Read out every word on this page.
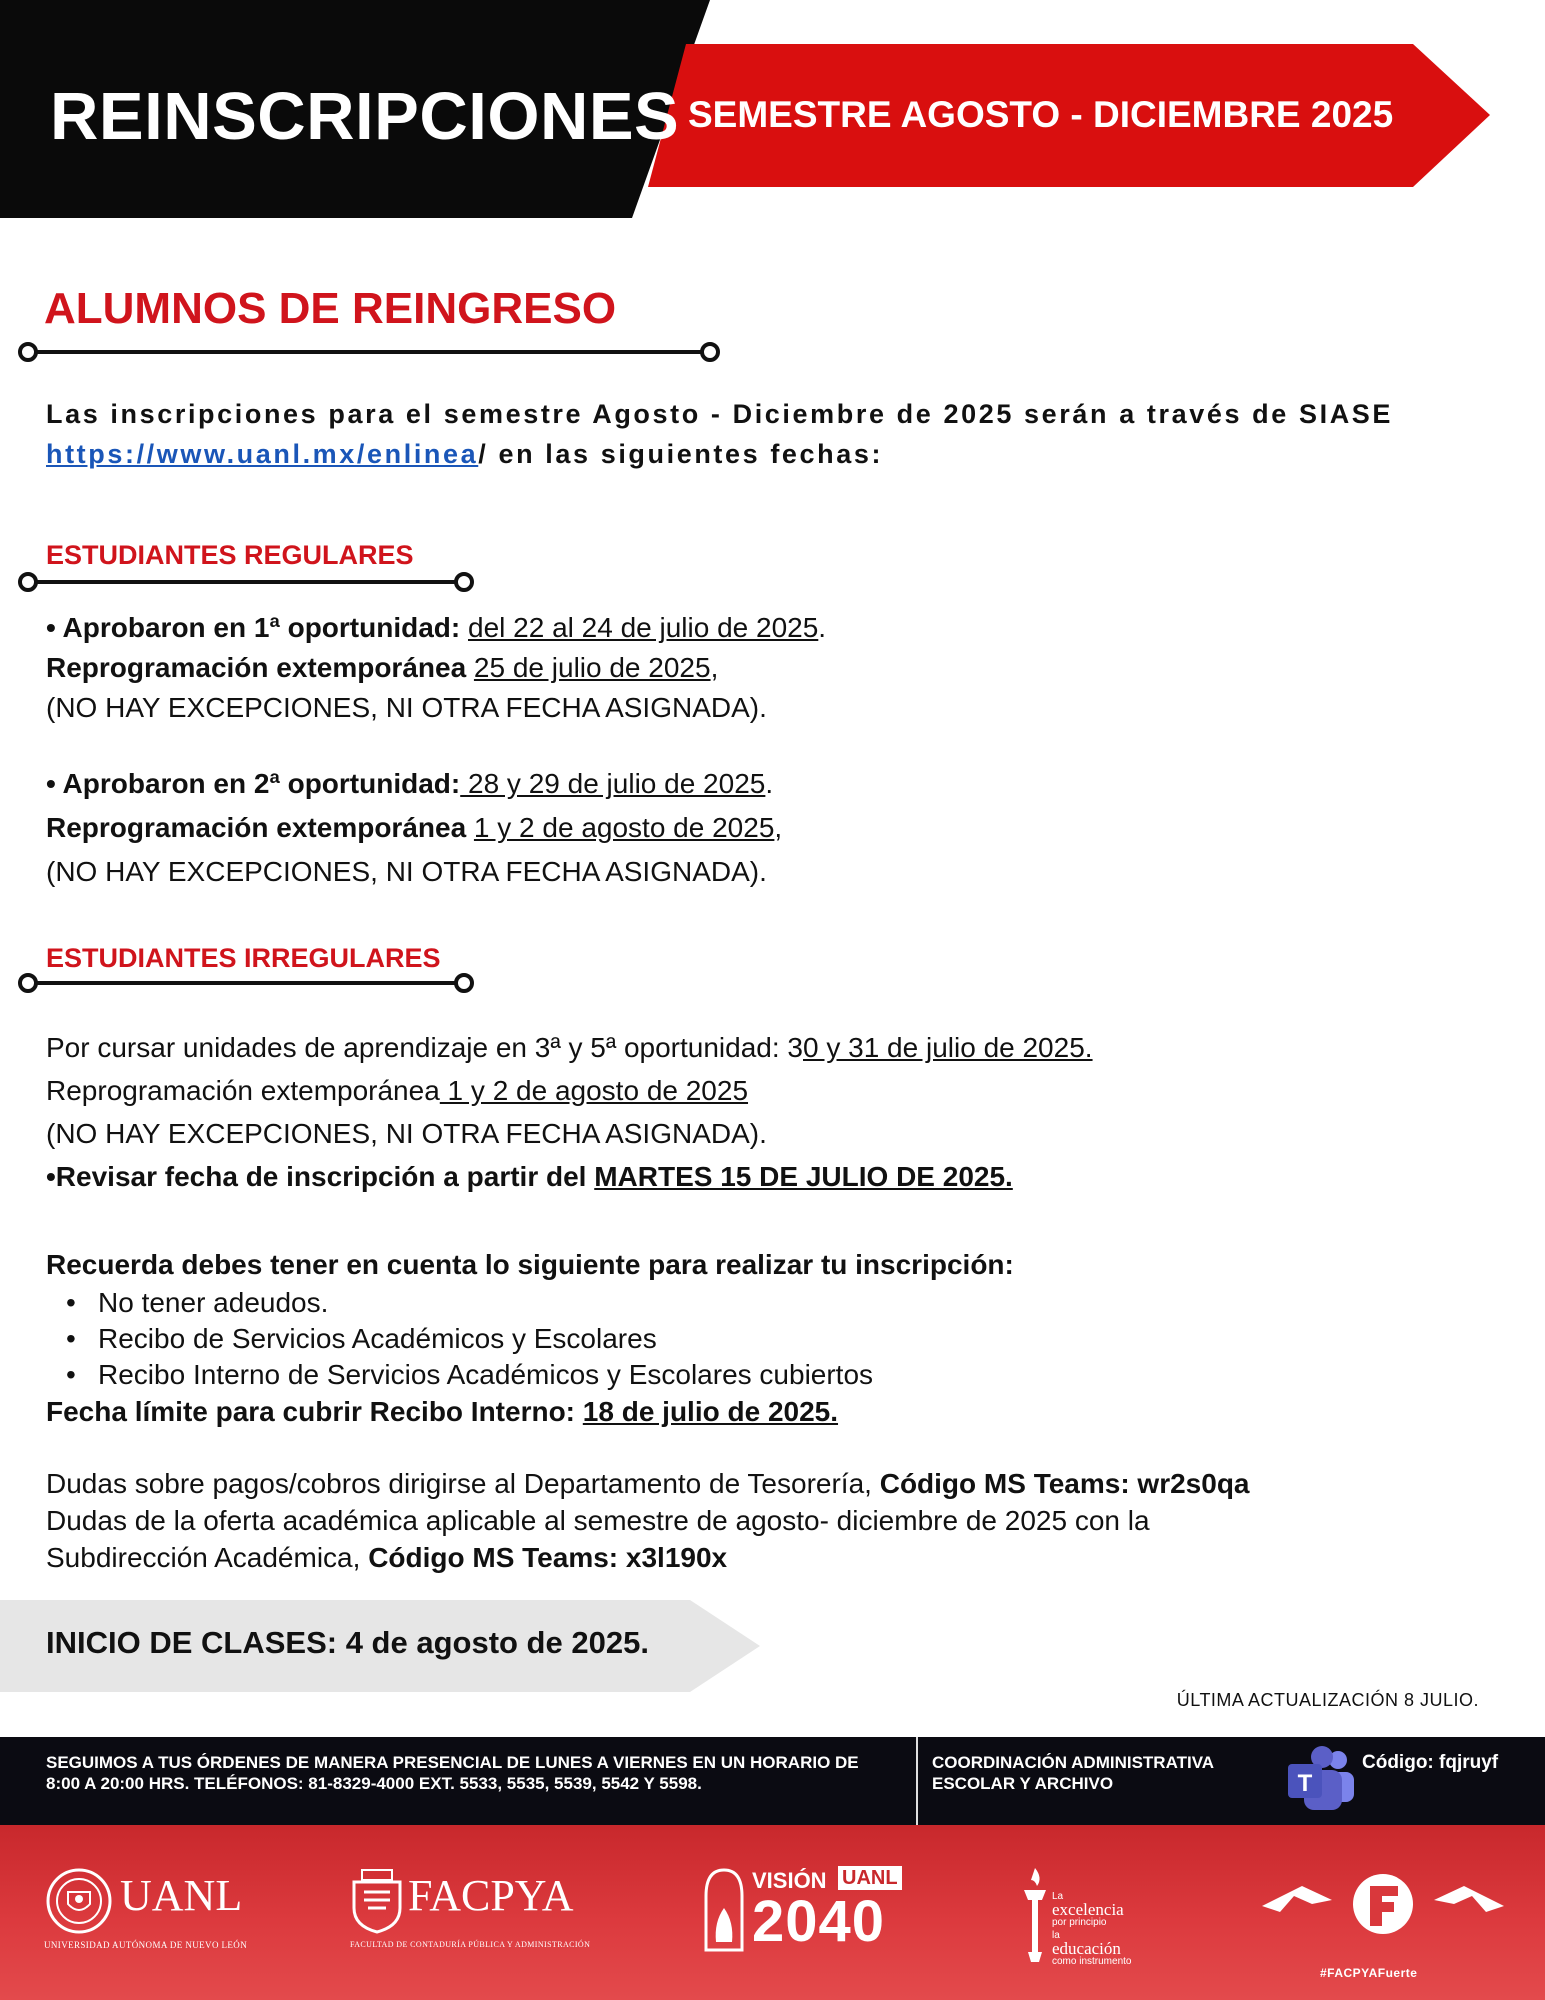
REINSCRIPCIONES SEMESTRE AGOSTO - DICIEMBRE 2025
ALUMNOS DE REINGRESO
Las inscripciones para el semestre Agosto - Diciembre de 2025 serán a través de SIASE https://www.uanl.mx/enlinea/ en las siguientes fechas:
ESTUDIANTES REGULARES
• Aprobaron en 1ª oportunidad: del 22 al 24 de julio de 2025.
Reprogramación extemporánea 25 de julio de 2025,
(NO HAY EXCEPCIONES, NI OTRA FECHA ASIGNADA).
• Aprobaron en 2ª oportunidad: 28 y 29 de julio de 2025.
Reprogramación extemporánea 1 y 2 de agosto de 2025,
(NO HAY EXCEPCIONES, NI OTRA FECHA ASIGNADA).
ESTUDIANTES IRREGULARES
Por cursar unidades de aprendizaje en 3ª y 5ª oportunidad: 30 y 31 de julio de 2025.
Reprogramación extemporánea 1 y 2 de agosto de 2025
(NO HAY EXCEPCIONES, NI OTRA FECHA ASIGNADA).
•Revisar fecha de inscripción a partir del MARTES 15 DE JULIO DE 2025.
Recuerda debes tener en cuenta lo siguiente para realizar tu inscripción:
• No tener adeudos.
• Recibo de Servicios Académicos y Escolares
• Recibo Interno de Servicios Académicos y Escolares cubiertos
Fecha límite para cubrir Recibo Interno: 18 de julio de 2025.
Dudas sobre pagos/cobros dirigirse al Departamento de Tesorería, Código MS Teams: wr2s0qa
Dudas de la oferta académica aplicable al semestre de agosto- diciembre de 2025 con la
Subdirección Académica, Código MS Teams: x3l190x
INICIO DE CLASES: 4 de agosto de 2025.
ÚLTIMA ACTUALIZACIÓN 8 JULIO.
SEGUIMOS A TUS ÓRDENES DE MANERA PRESENCIAL DE LUNES A VIERNES EN UN HORARIO DE 8:00 A 20:00 HRS. TELÉFONOS: 81-8329-4000 EXT. 5533, 5535, 5539, 5542 Y 5598.
COORDINACIÓN ADMINISTRATIVA ESCOLAR Y ARCHIVO	T
Código: fqjruyf
UANL
UNIVERSIDAD AUTÓNOMA DE NUEVO LEÓN
FACPYA
FACULTAD DE CONTADURÍA PÚBLICA Y ADMINISTRACIÓN
VISIÓN UANL
2040	La
excelencia
por principio
la
educación
como instrumento
#FACPYAFuerte
